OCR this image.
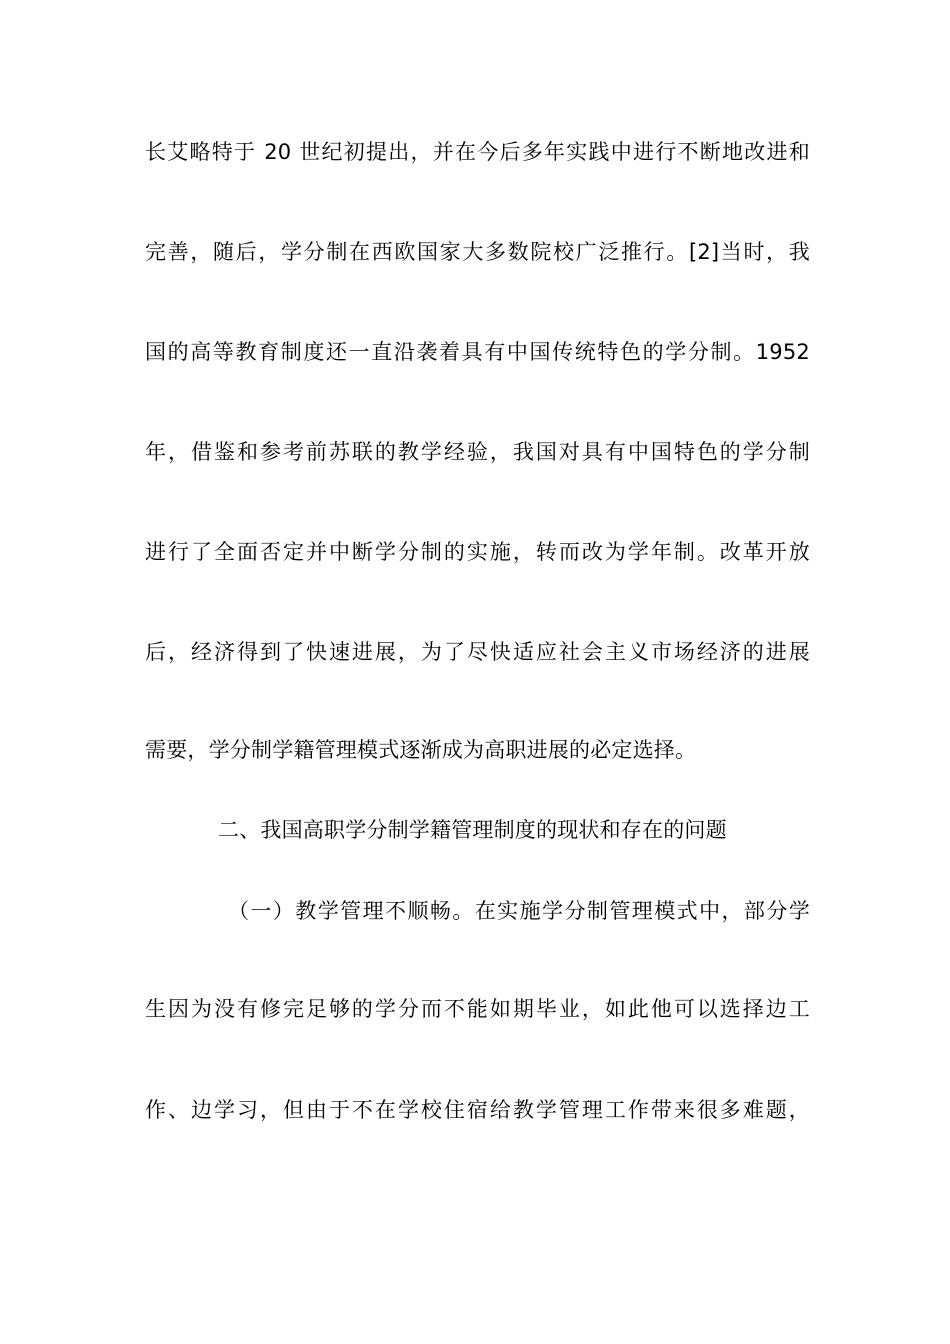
长艾略特于 20 世纪初提出，并在今后多年实践中进行不断地改进和
完善，随后，学分制在西欧国家大多数院校广泛推行。[2]当时，我
国的高等教育制度还一直沿袭着具有中国传统特色的学分制。1952
年，借鉴和参考前苏联的教学经验，我国对具有中国特色的学分制
进行了全面否定并中断学分制的实施，转而改为学年制。改革开放
后，经济得到了快速进展，为了尽快适应社会主义市场经济的进展
需要，学分制学籍管理模式逐渐成为高职进展的必定选择。
二、我国高职学分制学籍管理制度的现状和存在的问题
（一）教学管理不顺畅。在实施学分制管理模式中，部分学
生因为没有修完足够的学分而不能如期毕业，如此他可以选择边工
作、边学习，但由于不在学校住宿给教学管理工作带来很多难题，
